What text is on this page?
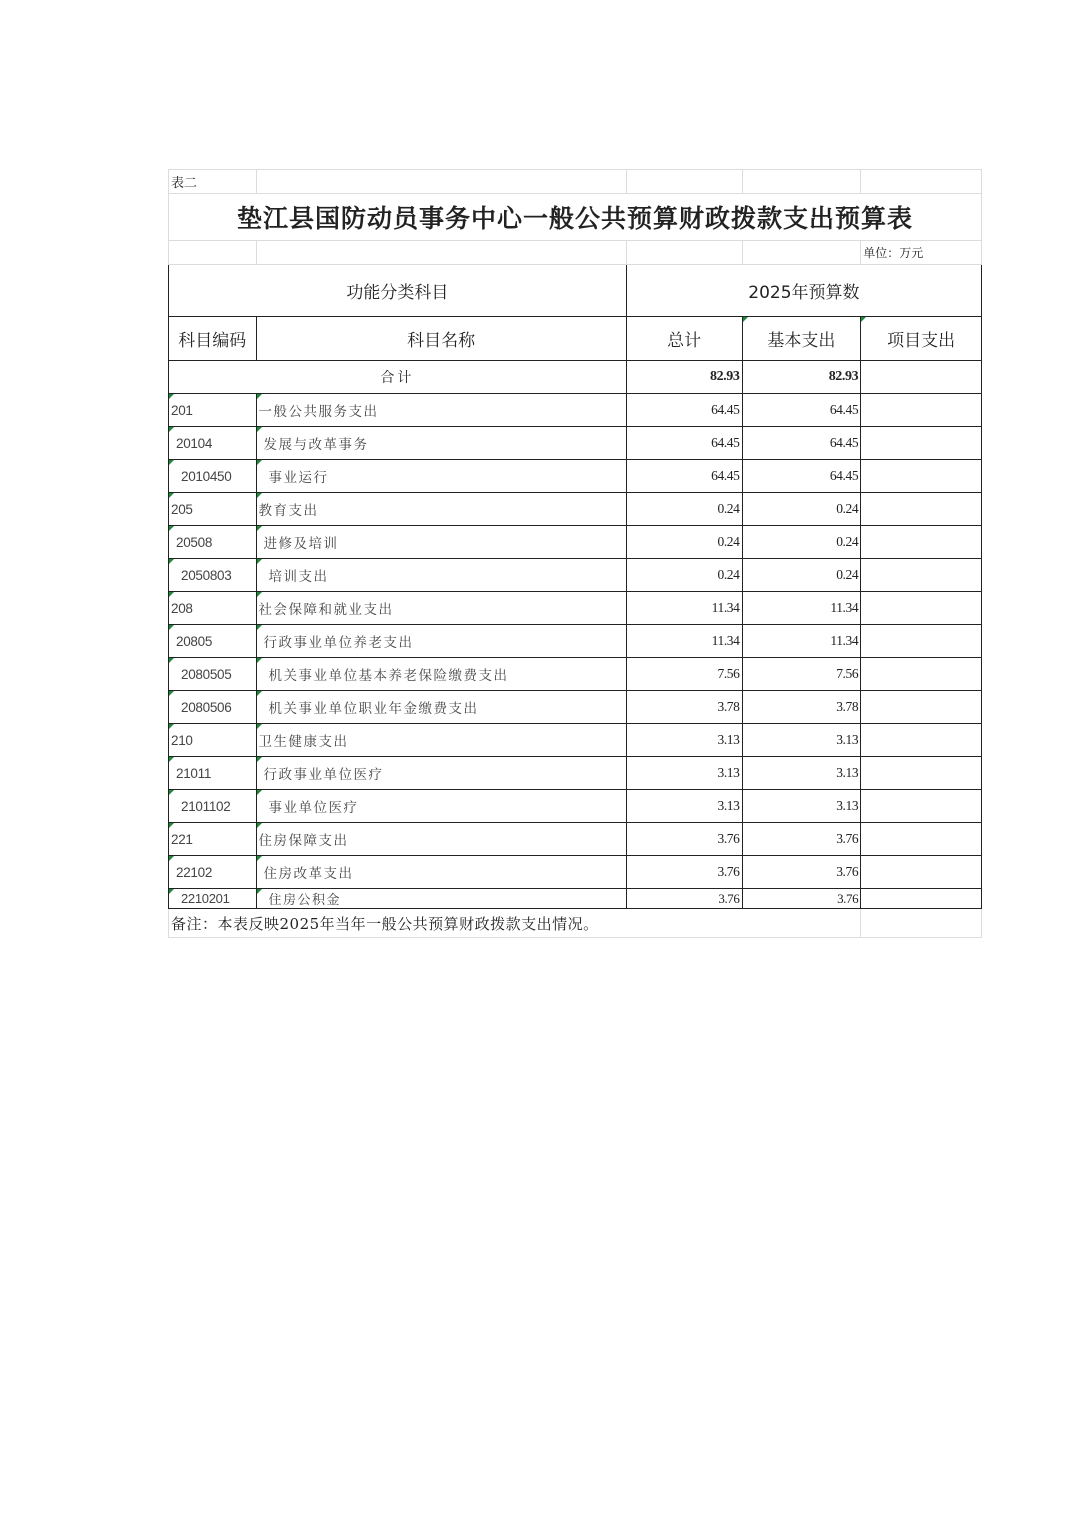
表二				
垫江县国防动员事务中心一般公共预算财政拨款支出预算表				
				单位：万元
功能分类科目		2025年预算数		
科目编码	科目名称	总计	基本支出	项目支出
合计		82.93	82.93	
201	一般公共服务支出	64.45	64.45	
20104	发展与改革事务	64.45	64.45	
2010450	事业运行	64.45	64.45	
205	教育支出	0.24	0.24	
20508	进修及培训	0.24	0.24	
2050803	培训支出	0.24	0.24	
208	社会保障和就业支出	11.34	11.34	
20805	行政事业单位养老支出	11.34	11.34	
2080505	机关事业单位基本养老保险缴费支出	7.56	7.56	
2080506	机关事业单位职业年金缴费支出	3.78	3.78	
210	卫生健康支出	3.13	3.13	
21011	行政事业单位医疗	3.13	3.13	
2101102	事业单位医疗	3.13	3.13	
221	住房保障支出	3.76	3.76	
22102	住房改革支出	3.76	3.76	
2210201	住房公积金	3.76	3.76	
备注：本表反映2025年当年一般公共预算财政拨款支出情况。				
